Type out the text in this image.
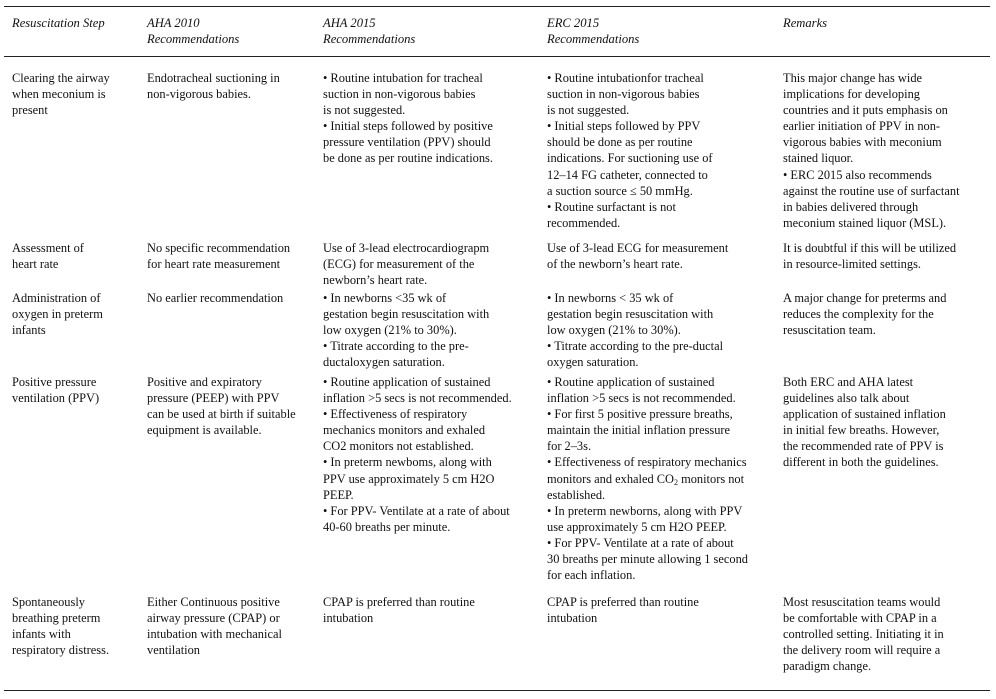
Resuscitation Step	AHA 2010
Recommendations
AHA 2015
Recommendations
ERC 2015
Recommendations
Remarks
Clearing the airway
when meconium is
present
Endotracheal suctioning in
non-vigorous babies.
• Routine intubation for tracheal
suction in non-vigorous babies
is not suggested.
• Initial steps followed by positive
pressure ventilation (PPV) should
be done as per routine indications.
• Routine intubationfor tracheal
suction in non-vigorous babies
is not suggested.
• Initial steps followed by PPV
should be done as per routine
indications. For suctioning use of
12–14 FG catheter, connected to
a suction source ≤ 50 mmHg.
• Routine surfactant is not
recommended.
This major change has wide
implications for developing
countries and it puts emphasis on
earlier initiation of PPV in non-
vigorous babies with meconium
stained liquor.
• ERC 2015 also recommends
against the routine use of surfactant
in babies delivered through
meconium stained liquor (MSL).
Assessment of
heart rate
No specific recommendation
for heart rate measurement
Use of 3-lead electrocardiograpm
(ECG) for measurement of the
newborn’s heart rate.
Use of 3-lead ECG for measurement
of the newborn’s heart rate.
It is doubtful if this will be utilized
in resource-limited settings.
Administration of
oxygen in preterm
infants
No earlier recommendation	• In newborns <35 wk of
gestation begin resuscitation with
low oxygen (21% to 30%).
• Titrate according to the pre-
ductaloxygen saturation.
• In newborns < 35 wk of
gestation begin resuscitation with
low oxygen (21% to 30%).
• Titrate according to the pre-ductal
oxygen saturation.
A major change for preterms and
reduces the complexity for the
resuscitation team.
Positive pressure
ventilation (PPV)
Positive and expiratory
pressure (PEEP) with PPV
can be used at birth if suitable
equipment is available.
• Routine application of sustained
inflation >5 secs is not recommended.
• Effectiveness of respiratory
mechanics monitors and exhaled
CO2 monitors not established.
• In preterm newboms, along with
PPV use approximately 5 cm H2O
PEEP.
• For PPV- Ventilate at a rate of about
40-60 breaths per minute.
• Routine application of sustained
inflation >5 secs is not recommended.
• For first 5 positive pressure breaths,
maintain the initial inflation pressure
for 2–3s.
• Effectiveness of respiratory mechanics
monitors and exhaled $CO_2$ monitors not
established.
• In preterm newborns, along with PPV
use approximately 5 cm H2O PEEP.
• For PPV- Ventilate at a rate of about
30 breaths per minute allowing 1 second
for each inflation.
Both ERC and AHA latest
guidelines also talk about
application of sustained inflation
in initial few breaths. However,
the recommended rate of PPV is
different in both the guidelines.
Spontaneously
breathing preterm
infants with
respiratory distress.
Either Continuous positive
airway pressure (CPAP) or
intubation with mechanical
ventilation
CPAP is preferred than routine
intubation
CPAP is preferred than routine
intubation
Most resuscitation teams would
be comfortable with CPAP in a
controlled setting. Initiating it in
the delivery room will require a
paradigm change.
